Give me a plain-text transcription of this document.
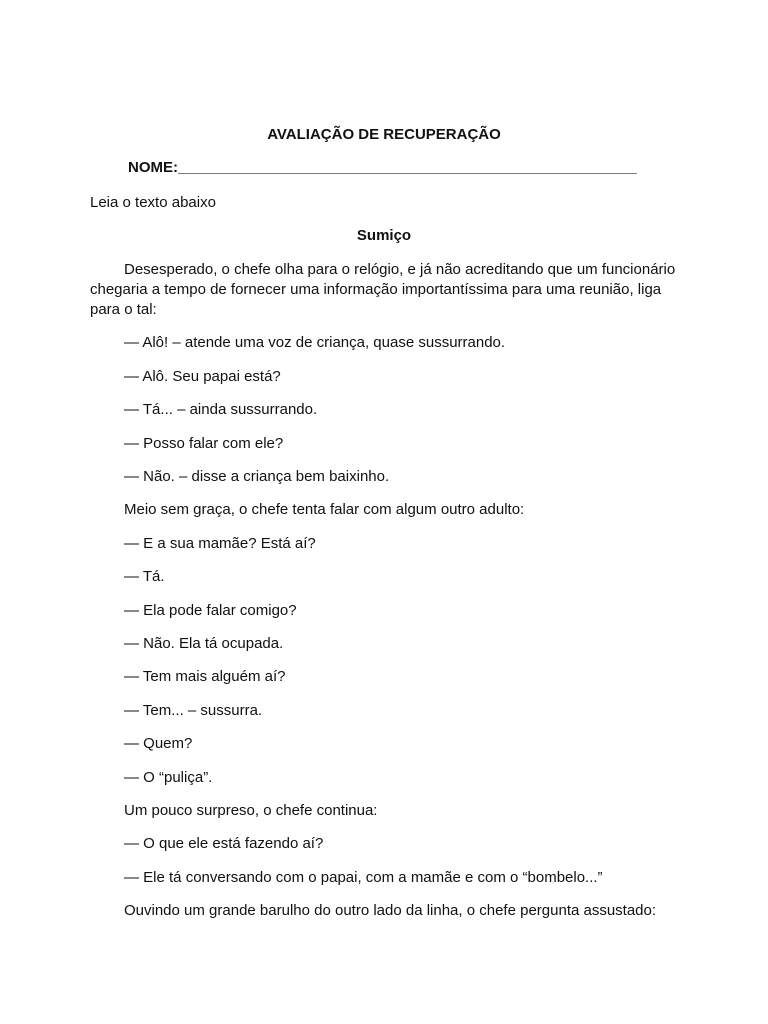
AVALIAÇÃO DE RECUPERAÇÃO

NOME:_______________________________________________________

Leia o texto abaixo

Sumiço

Desesperado, o chefe olha para o relógio, e já não acreditando que um funcionário chegaria a tempo de fornecer uma informação importantíssima para uma reunião, liga para o tal:

— Alô! – atende uma voz de criança, quase sussurrando.

— Alô. Seu papai está?

— Tá... – ainda sussurrando.

— Posso falar com ele?

— Não. – disse a criança bem baixinho.

Meio sem graça, o chefe tenta falar com algum outro adulto:

— E a sua mamãe? Está aí?

— Tá.

— Ela pode falar comigo?

— Não. Ela tá ocupada.

— Tem mais alguém aí?

— Tem... – sussurra.

— Quem?

— O “puliça”.

Um pouco surpreso, o chefe continua:

— O que ele está fazendo aí?

— Ele tá conversando com o papai, com a mamãe e com o “bombelo...”

Ouvindo um grande barulho do outro lado da linha, o chefe pergunta assustado:
